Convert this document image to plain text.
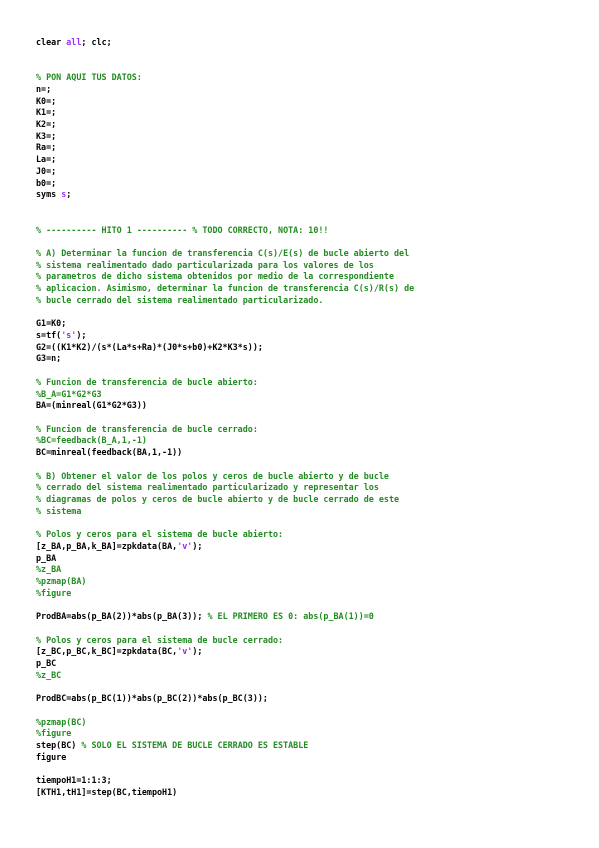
clear all; clc;

% PON AQUI TUS DATOS:
n=;
K0=;
K1=;
K2=;
K3=;
Ra=;
La=;
J0=;
b0=;
syms s;

% ---------- HITO 1 ---------- % TODO CORRECTO, NOTA: 10!!

% A) Determinar la funcion de transferencia C(s)/E(s) de bucle abierto del
% sistema realimentado dado particularizada para los valores de los
% parametros de dicho sistema obtenidos por medio de la correspondiente
% aplicacion. Asimismo, determinar la funcion de transferencia C(s)/R(s) de
% bucle cerrado del sistema realimentado particularizado.

G1=K0;
s=tf('s');
G2=((K1*K2)/(s*(La*s+Ra)*(J0*s+b0)+K2*K3*s));
G3=n;

% Funcion de transferencia de bucle abierto:
%B_A=G1*G2*G3
BA=(minreal(G1*G2*G3))

% Funcion de transferencia de bucle cerrado:
%BC=feedback(B_A,1,-1)
BC=minreal(feedback(BA,1,-1))

% B) Obtener el valor de los polos y ceros de bucle abierto y de bucle
% cerrado del sistema realimentado particularizado y representar los
% diagramas de polos y ceros de bucle abierto y de bucle cerrado de este
% sistema

% Polos y ceros para el sistema de bucle abierto:
[z_BA,p_BA,k_BA]=zpkdata(BA,'v');
p_BA
%z_BA
%pzmap(BA)
%figure

ProdBA=abs(p_BA(2))*abs(p_BA(3)); % EL PRIMERO ES 0: abs(p_BA(1))=0

% Polos y ceros para el sistema de bucle cerrado:
[z_BC,p_BC,k_BC]=zpkdata(BC,'v');
p_BC
%z_BC

ProdBC=abs(p_BC(1))*abs(p_BC(2))*abs(p_BC(3));

%pzmap(BC)
%figure
step(BC) % SOLO EL SISTEMA DE BUCLE CERRADO ES ESTABLE
figure

tiempoH1=1:1:3;
[KTH1,tH1]=step(BC,tiempoH1)
